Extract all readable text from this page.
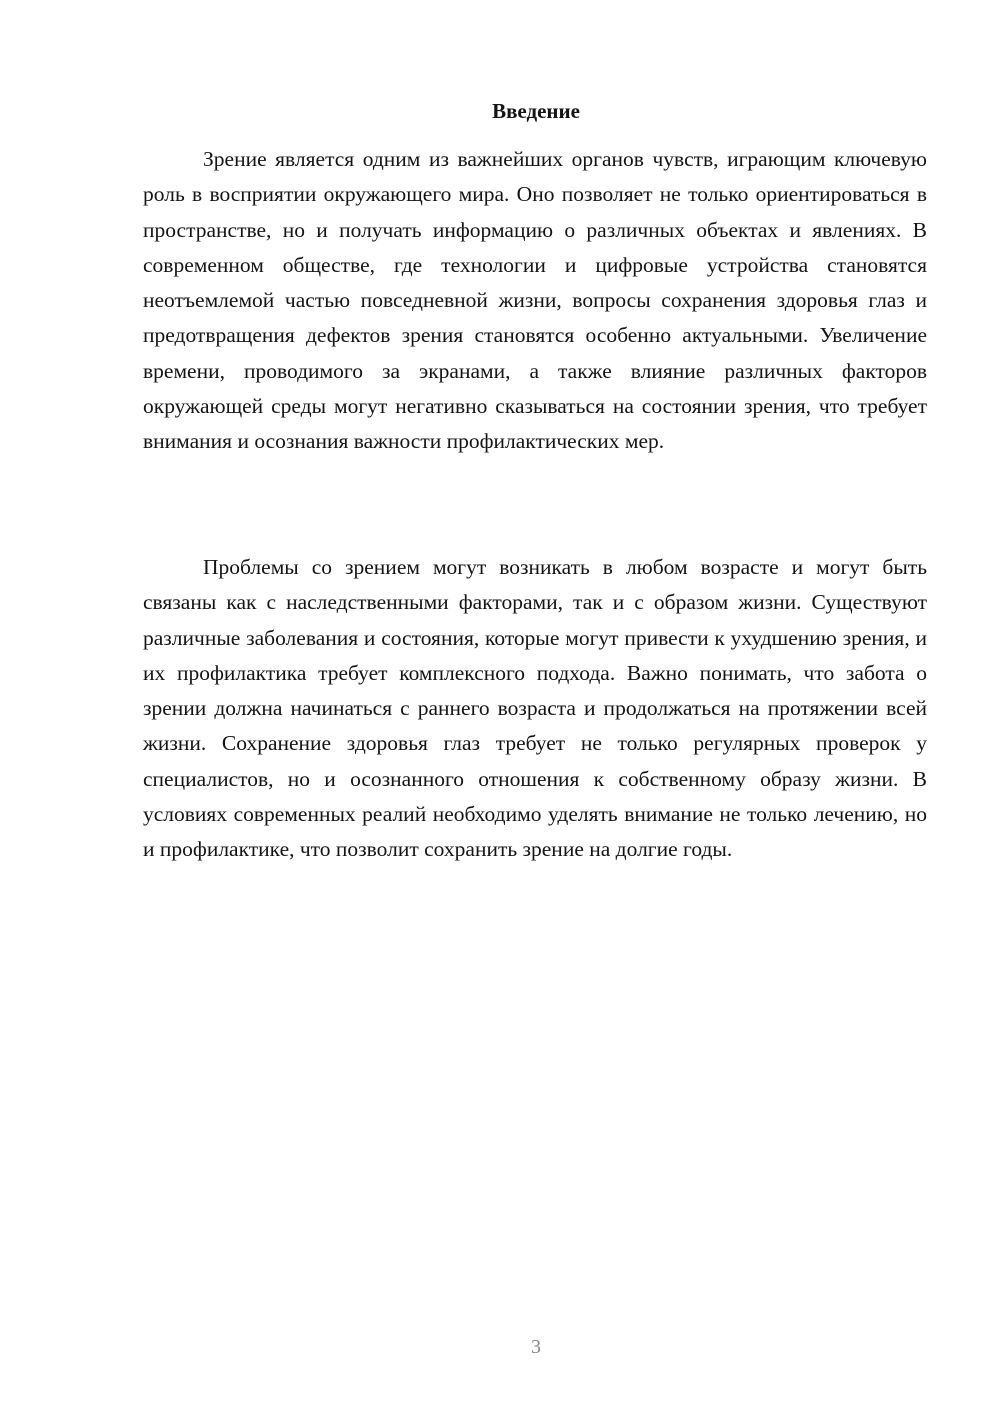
Введение

Зрение является одним из важнейших органов чувств, играющим ключевую роль в восприятии окружающего мира. Оно позволяет не только ориентироваться в пространстве, но и получать информацию о различных объектах и явлениях. В современном обществе, где технологии и цифровые устройства становятся неотъемлемой частью повседневной жизни, вопросы сохранения здоровья глаз и предотвращения дефектов зрения становятся особенно актуальными. Увеличение времени, проводимого за экранами, а также влияние различных факторов окружающей среды могут негативно сказываться на состоянии зрения, что требует внимания и осознания важности профилактических мер.

Проблемы со зрением могут возникать в любом возрасте и могут быть связаны как с наследственными факторами, так и с образом жизни. Существуют различные заболевания и состояния, которые могут привести к ухудшению зрения, и их профилактика требует комплексного подхода. Важно понимать, что забота о зрении должна начинаться с раннего возраста и продолжаться на протяжении всей жизни. Сохранение здоровья глаз требует не только регулярных проверок у специалистов, но и осознанного отношения к собственному образу жизни. В условиях современных реалий необходимо уделять внимание не только лечению, но и профилактике, что позволит сохранить зрение на долгие годы.

3
